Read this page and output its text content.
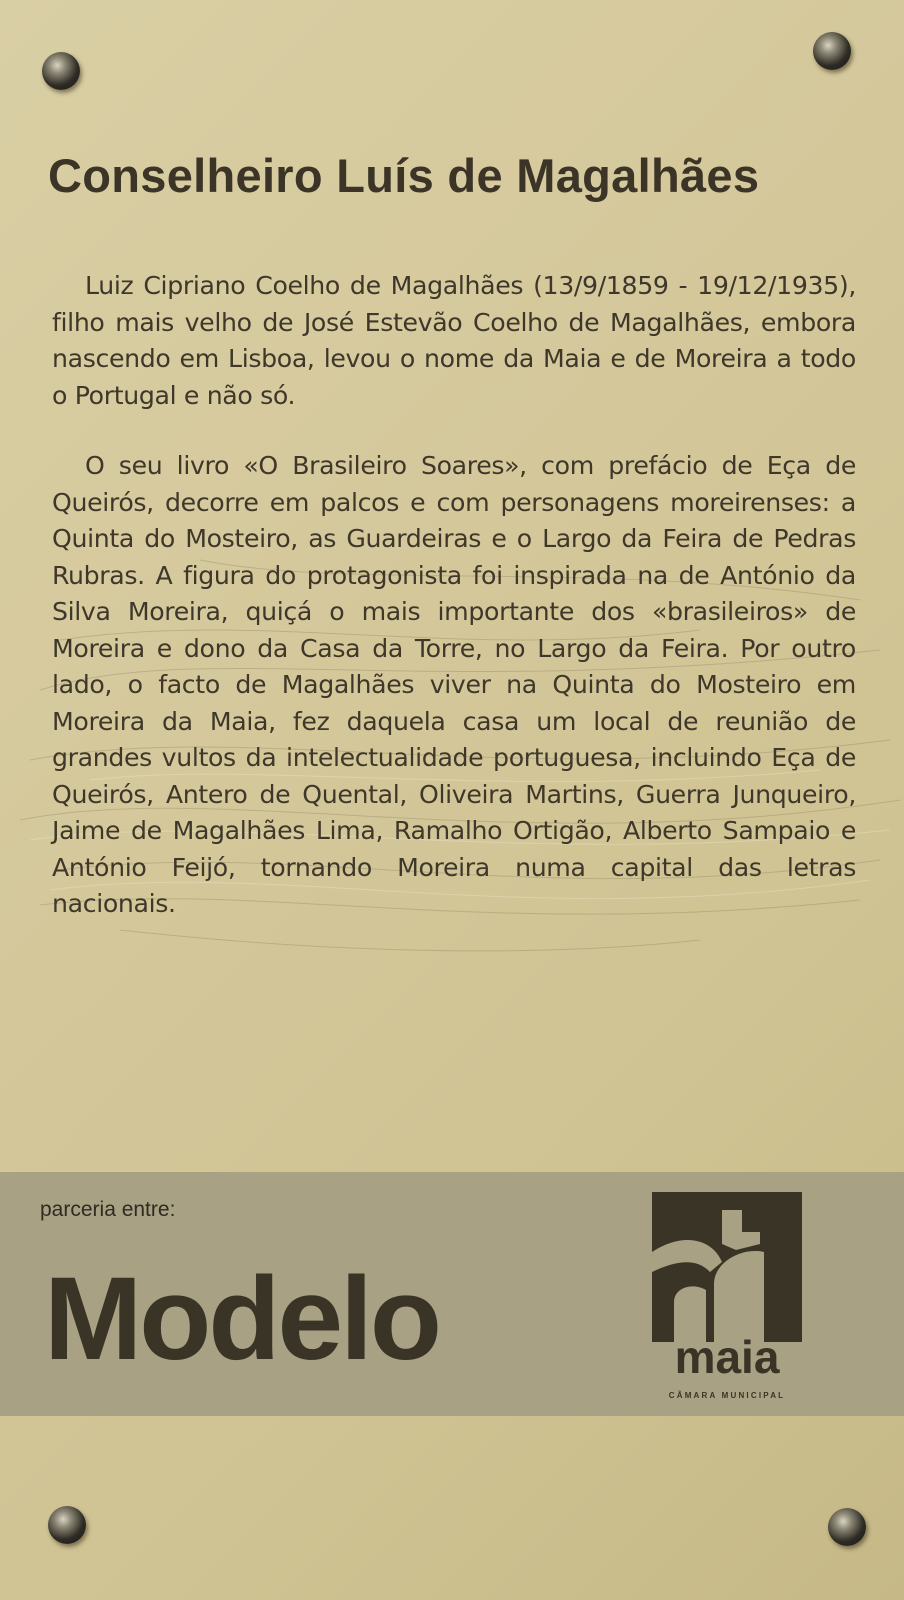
Conselheiro Luís de Magalhães

Luiz Cipriano Coelho de Magalhães (13/9/1859 - 19/12/1935), filho mais velho de José Estevão Coelho de Magalhães, embora nascendo em Lisboa, levou o nome da Maia e de Moreira a todo o Portugal e não só.

O seu livro «O Brasileiro Soares», com prefácio de Eça de Queirós, decorre em palcos e com personagens moreirenses: a Quinta do Mosteiro, as Guardeiras e o Largo da Feira de Pedras Rubras. A figura do protagonista foi inspirada na de António da Silva Moreira, quiçá o mais importante dos «brasileiros» de Moreira e dono da Casa da Torre, no Largo da Feira. Por outro lado, o facto de Magalhães viver na Quinta do Mosteiro em Moreira da Maia, fez daquela casa um local de reunião de grandes vultos da intelectualidade portuguesa, incluindo Eça de Queirós, Antero de Quental, Oliveira Martins, Guerra Junqueiro, Jaime de Magalhães Lima, Ramalho Ortigão, Alberto Sampaio e António Feijó, tornando Moreira numa capital das letras nacionais.

parceria entre:
Modelo	maia
CÂMARA MUNICIPAL
